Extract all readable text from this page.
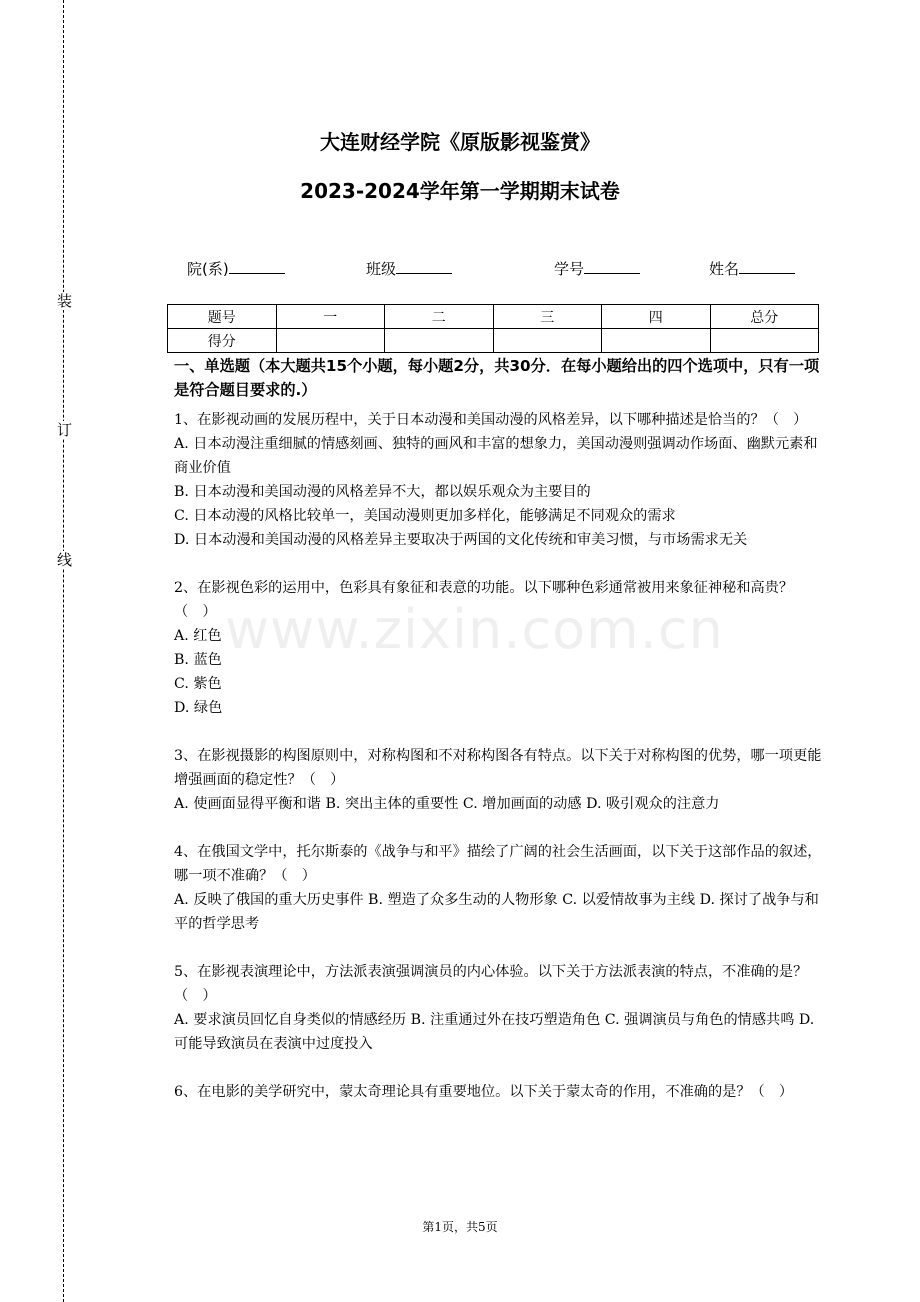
装
订
线
www.zixin.com.cn
大连财经学院《原版影视鉴赏》
2023-2024学年第一学期期末试卷
院(系)	班级	学号	姓名
题号	一	二	三	四	总分
得分					

一、单选题（本大题共15个小题，每小题2分，共30分．在每小题给出的四个选项中，只有一项是符合题目要求的.）

1、在影视动画的发展历程中，关于日本动漫和美国动漫的风格差异，以下哪种描述是恰当的？（　）

A. 日本动漫注重细腻的情感刻画、独特的画风和丰富的想象力，美国动漫则强调动作场面、幽默元素和商业价值

B. 日本动漫和美国动漫的风格差异不大，都以娱乐观众为主要目的

C. 日本动漫的风格比较单一，美国动漫则更加多样化，能够满足不同观众的需求

D. 日本动漫和美国动漫的风格差异主要取决于两国的文化传统和审美习惯，与市场需求无关

2、在影视色彩的运用中，色彩具有象征和表意的功能。以下哪种色彩通常被用来象征神秘和高贵？（　）

A. 红色

B. 蓝色

C. 紫色

D. 绿色

3、在影视摄影的构图原则中，对称构图和不对称构图各有特点。以下关于对称构图的优势，哪一项更能增强画面的稳定性？（　）

A. 使画面显得平衡和谐 B. 突出主体的重要性 C. 增加画面的动感 D. 吸引观众的注意力

4、在俄国文学中，托尔斯泰的《战争与和平》描绘了广阔的社会生活画面，以下关于这部作品的叙述，哪一项不准确？（　）

A. 反映了俄国的重大历史事件 B. 塑造了众多生动的人物形象 C. 以爱情故事为主线 D. 探讨了战争与和平的哲学思考

5、在影视表演理论中，方法派表演强调演员的内心体验。以下关于方法派表演的特点，不准确的是？（　）

A. 要求演员回忆自身类似的情感经历 B. 注重通过外在技巧塑造角色 C. 强调演员与角色的情感共鸣 D. 可能导致演员在表演中过度投入

6、在电影的美学研究中，蒙太奇理论具有重要地位。以下关于蒙太奇的作用，不准确的是？（　）

第1页，共5页
